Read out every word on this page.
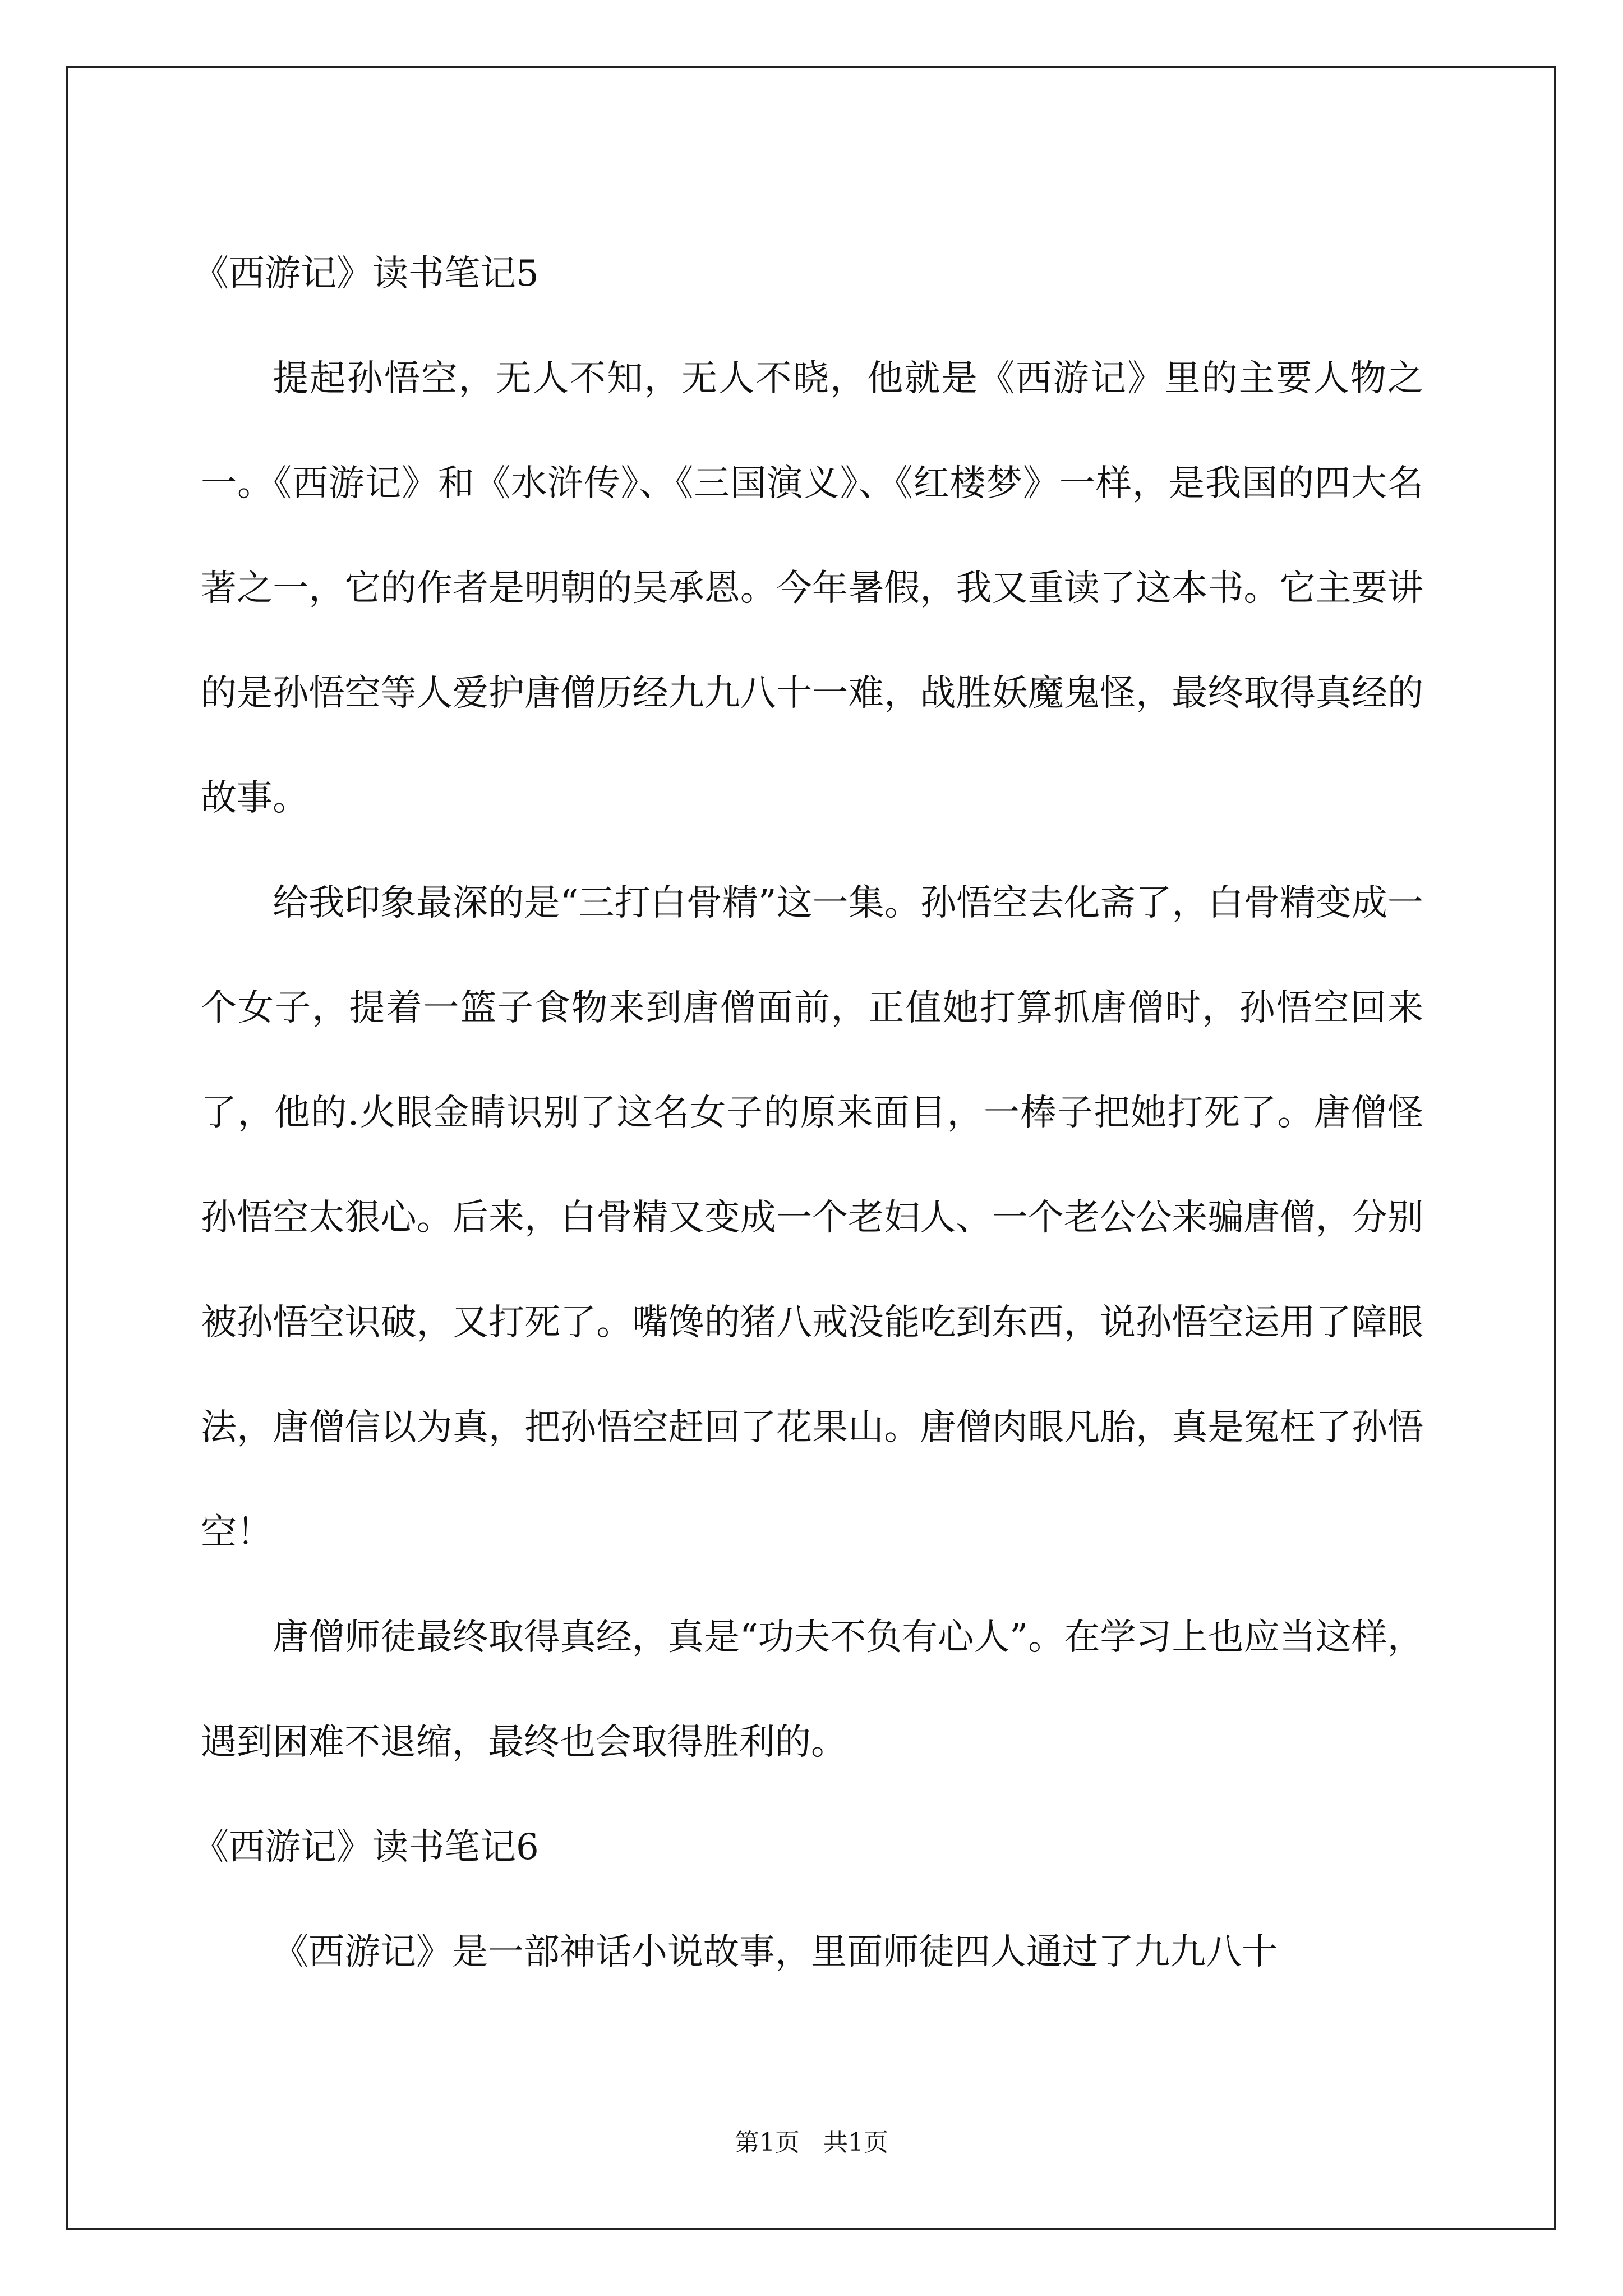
《西游记》读书笔记5

提起孙悟空，无人不知，无人不晓，他就是《西游记》里的主要人物之一。《西游记》和《水浒传》、《三国演义》、《红楼梦》一样，是我国的四大名著之一，它的作者是明朝的吴承恩。今年暑假，我又重读了这本书。它主要讲的是孙悟空等人爱护唐僧历经九九八十一难，战胜妖魔鬼怪，最终取得真经的故事。

给我印象最深的是“三打白骨精”这一集。孙悟空去化斋了，白骨精变成一个女子，提着一篮子食物来到唐僧面前，正值她打算抓唐僧时，孙悟空回来了，他的.火眼金睛识别了这名女子的原来面目，一棒子把她打死了。唐僧怪孙悟空太狠心。后来，白骨精又变成一个老妇人、一个老公公来骗唐僧，分别被孙悟空识破，又打死了。嘴馋的猪八戒没能吃到东西，说孙悟空运用了障眼法，唐僧信以为真，把孙悟空赶回了花果山。唐僧肉眼凡胎，真是冤枉了孙悟空！

唐僧师徒最终取得真经，真是“功夫不负有心人”。在学习上也应当这样，遇到困难不退缩，最终也会取得胜利的。

《西游记》读书笔记6

《西游记》是一部神话小说故事，里面师徒四人通过了九九八十

第1页   共1页
